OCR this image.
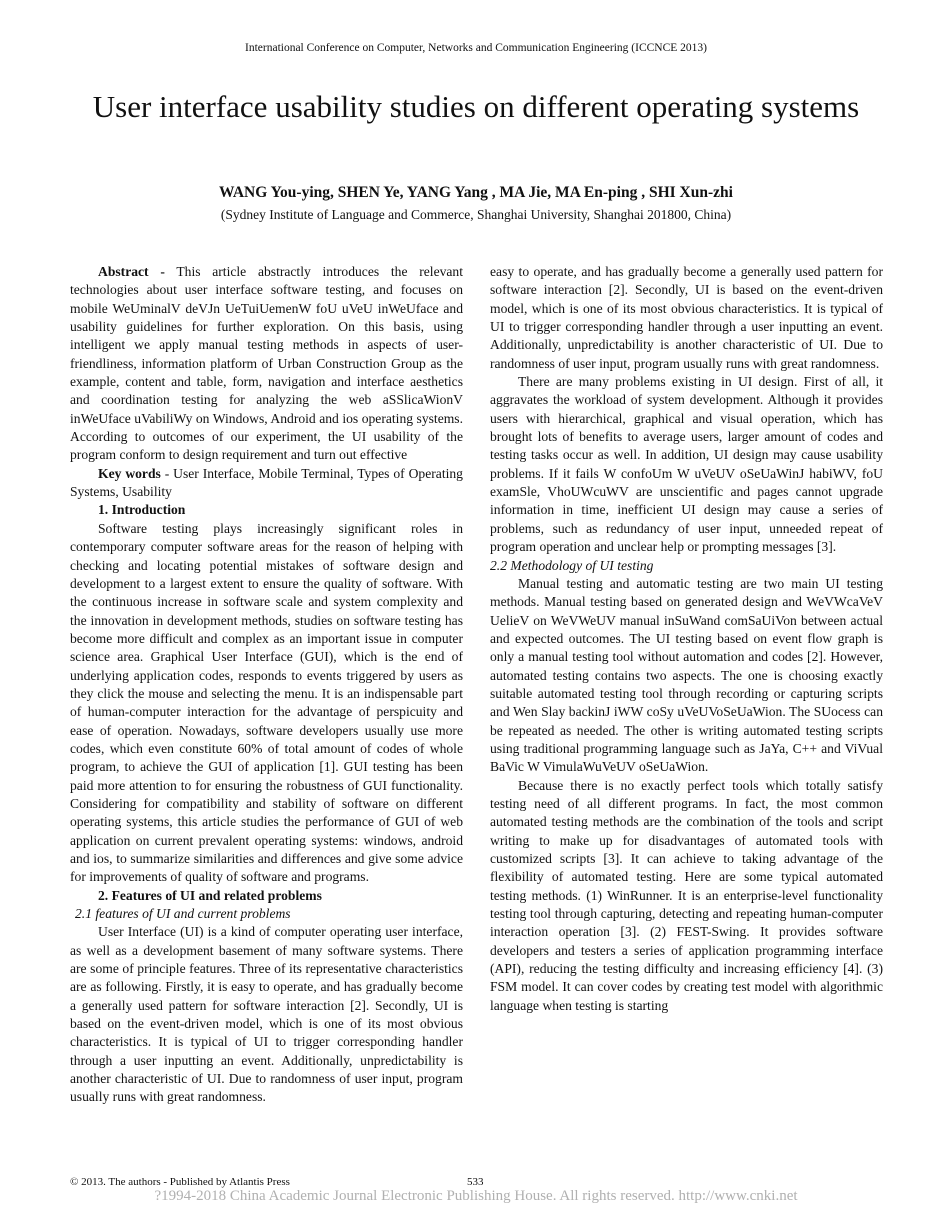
International Conference on Computer, Networks and Communication Engineering (ICCNCE 2013)
User interface usability studies on different operating systems
WANG You-ying, SHEN Ye, YANG Yang , MA Jie, MA En-ping , SHI Xun-zhi
(Sydney Institute of Language and Commerce, Shanghai University, Shanghai 201800, China)

Abstract - This article abstractly introduces the relevant technologies about user interface software testing, and focuses on mobile WeUminalV deVJn UeTuiUemenW foU uVeU inWeUface and usability guidelines for further exploration. On this basis, using intelligent we apply manual testing methods in aspects of user-friendliness, information platform of Urban Construction Group as the example, content and table, form, navigation and interface aesthetics and coordination testing for analyzing the web aSSlicaWionV inWeUface uVabiliWy on Windows, Android and ios operating systems. According to outcomes of our experiment, the UI usability of the program conform to design requirement and turn out effective

Key words - User Interface, Mobile Terminal, Types of Operating Systems, Usability

1. Introduction

Software testing plays increasingly significant roles in contemporary computer software areas for the reason of helping with checking and locating potential mistakes of software design and development to a largest extent to ensure the quality of software. With the continuous increase in software scale and system complexity and the innovation in development methods, studies on software testing has become more difficult and complex as an important issue in computer science area. Graphical User Interface (GUI), which is the end of underlying application codes, responds to events triggered by users as they click the mouse and selecting the menu. It is an indispensable part of human-computer interaction for the advantage of perspicuity and ease of operation. Nowadays, software developers usually use more codes, which even constitute 60% of total amount of codes of whole program, to achieve the GUI of application [1]. GUI testing has been paid more attention to for ensuring the robustness of GUI functionality. Considering for compatibility and stability of software on different operating systems, this article studies the performance of GUI of web application on current prevalent operating systems: windows, android and ios, to summarize similarities and differences and give some advice for improvements of quality of software and programs.

2. Features of UI and related problems

2.1 features of UI and current problems

User Interface (UI) is a kind of computer operating user interface, as well as a development basement of many software systems. There are some of principle features. Three of its representative characteristics are as following. Firstly, it is easy to operate, and has gradually become a generally used pattern for software interaction [2]. Secondly, UI is based on the event-driven model, which is one of its most obvious characteristics. It is typical of UI to trigger corresponding handler through a user inputting an event. Additionally, unpredictability is another characteristic of UI. Due to randomness of user input, program usually runs with great randomness.

easy to operate, and has gradually become a generally used pattern for software interaction [2]. Secondly, UI is based on the event-driven model, which is one of its most obvious characteristics. It is typical of UI to trigger corresponding handler through a user inputting an event. Additionally, unpredictability is another characteristic of UI. Due to randomness of user input, program usually runs with great randomness.

There are many problems existing in UI design. First of all, it aggravates the workload of system development. Although it provides users with hierarchical, graphical and visual operation, which has brought lots of benefits to average users, larger amount of codes and testing tasks occur as well. In addition, UI design may cause usability problems. If it fails W confoUm W uVeUV oSeUaWinJ habiWV, foU examSle, VhoUWcuWV are unscientific and pages cannot upgrade information in time, inefficient UI design may cause a series of problems, such as redundancy of user input, unneeded repeat of program operation and unclear help or prompting messages [3].

2.2 Methodology of UI testing

Manual testing and automatic testing are two main UI testing methods. Manual testing based on generated design and WeVWcaVeV UelieV on WeVWeUV manual inSuWand comSaUiVon between actual and expected outcomes. The UI testing based on event flow graph is only a manual testing tool without automation and codes [2]. However, automated testing contains two aspects. The one is choosing exactly suitable automated testing tool through recording or capturing scripts and Wen Slay backinJ iWW coSy uVeUVoSeUaWion. The SUocess can be repeated as needed. The other is writing automated testing scripts using traditional programming language such as JaYa, C++ and ViVual BaVic W VimulaWuVeUV oSeUaWion.

Because there is no exactly perfect tools which totally satisfy testing need of all different programs. In fact, the most common automated testing methods are the combination of the tools and script writing to make up for disadvantages of automated tools with customized scripts [3]. It can achieve to taking advantage of the flexibility of automated testing. Here are some typical automated testing methods. (1) WinRunner. It is an enterprise-level functionality testing tool through capturing, detecting and repeating human-computer interaction operation [3]. (2) FEST-Swing. It provides software developers and testers a series of application programming interface (API), reducing the testing difficulty and increasing efficiency [4]. (3) FSM model. It can cover codes by creating test model with algorithmic language when testing is starting

© 2013. The authors - Published by Atlantis Press	533
?1994-2018 China Academic Journal Electronic Publishing House. All rights reserved. http://www.cnki.net
